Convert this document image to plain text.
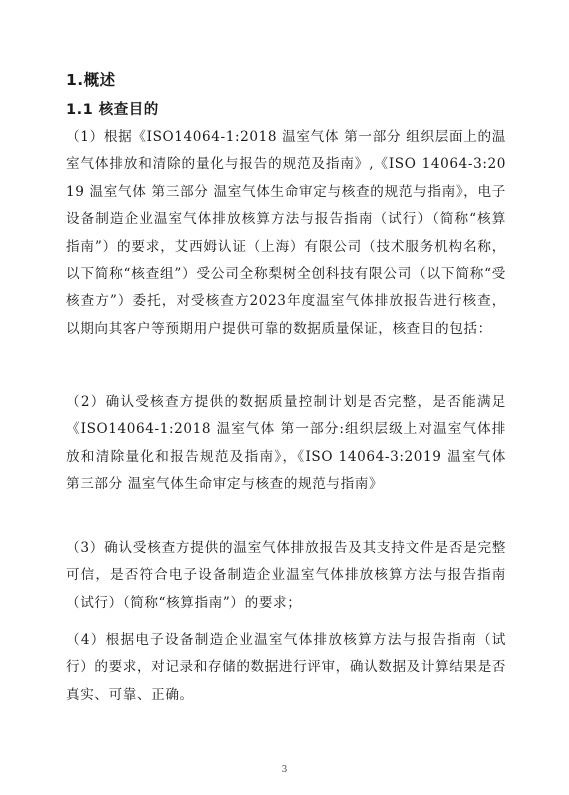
1.概述
1.1 核查目的
（1）根据《ISO14064-1:2018 温室气体 第一部分 组织层面上的温室气体排放和清除的量化与报告的规范及指南》,《ISO 14064-3:2019 温室气体 第三部分 温室气体生命审定与核查的规范与指南》，电子设备制造企业温室气体排放核算方法与报告指南（试行）（简称“核算指南”）的要求，艾西姆认证（上海）有限公司（技术服务机构名称，以下简称“核查组”）受公司全称梨树全创科技有限公司（以下简称“受核查方”）委托，对受核查方2023年度温室气体排放报告进行核查，以期向其客户等预期用户提供可靠的数据质量保证，核查目的包括：
（2）确认受核查方提供的数据质量控制计划是否完整，是否能满足《ISO14064-1:2018 温室气体 第一部分:组织层级上对温室气体排放和清除量化和报告规范及指南》，《ISO 14064-3:2019 温室气体 第三部分 温室气体生命审定与核查的规范与指南》
（3）确认受核查方提供的温室气体排放报告及其支持文件是否是完整可信，是否符合电子设备制造企业温室气体排放核算方法与报告指南（试行）（简称“核算指南”）的要求；
（4）根据电子设备制造企业温室气体排放核算方法与报告指南（试行）的要求，对记录和存储的数据进行评审，确认数据及计算结果是否真实、可靠、正确。
3
